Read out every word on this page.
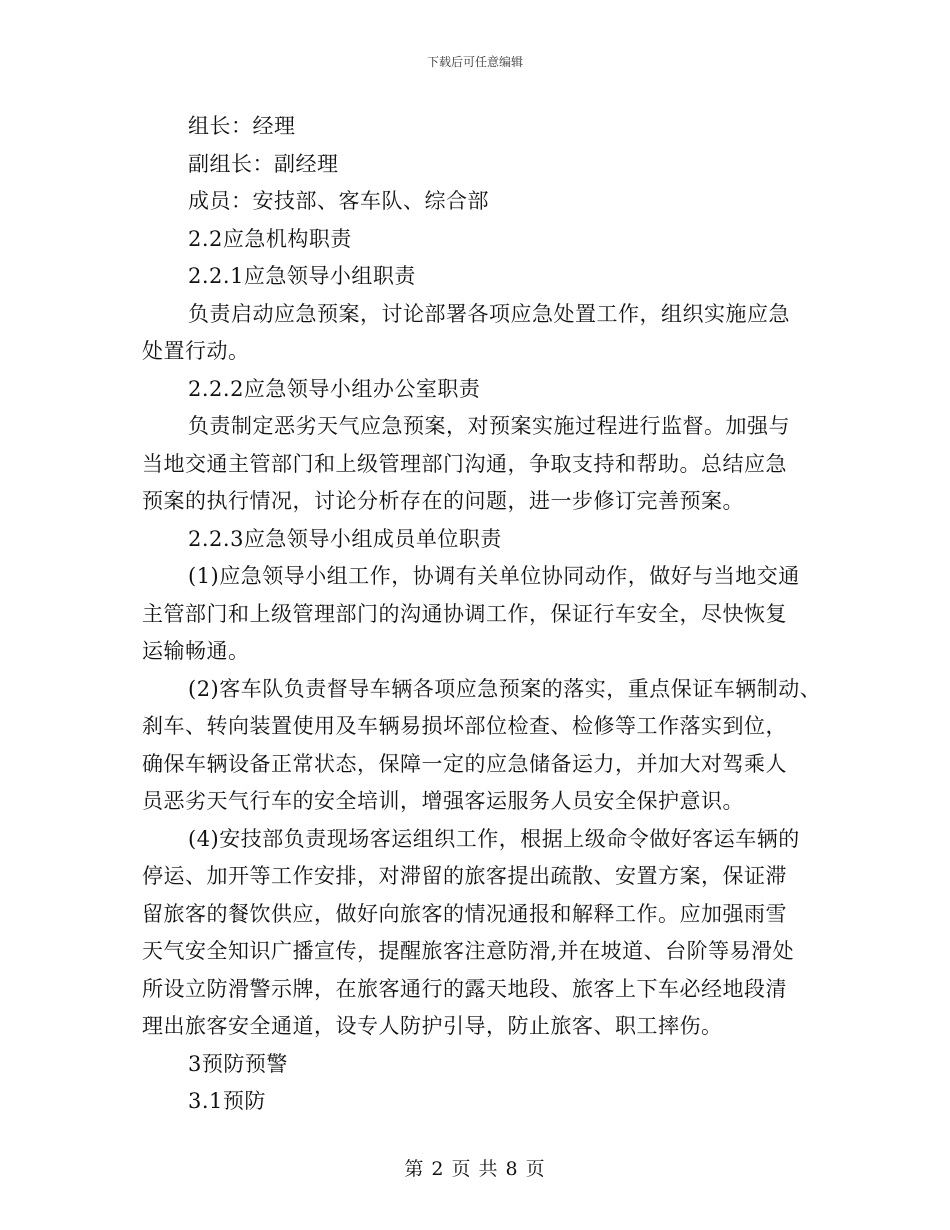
下载后可任意编辑
组长：经理
副组长：副经理
成员：安技部、客车队、综合部
2.2应急机构职责
2.2.1应急领导小组职责
负责启动应急预案，讨论部署各项应急处置工作，组织实施应急
处置行动。
2.2.2应急领导小组办公室职责
负责制定恶劣天气应急预案，对预案实施过程进行监督。加强与
当地交通主管部门和上级管理部门沟通，争取支持和帮助。总结应急
预案的执行情况，讨论分析存在的问题，进一步修订完善预案。
2.2.3应急领导小组成员单位职责
(1)应急领导小组工作，协调有关单位协同动作，做好与当地交通
主管部门和上级管理部门的沟通协调工作，保证行车安全，尽快恢复
运输畅通。
(2)客车队负责督导车辆各项应急预案的落实，重点保证车辆制动、
刹车、转向装置使用及车辆易损坏部位检查、检修等工作落实到位，
确保车辆设备正常状态，保障一定的应急储备运力，并加大对驾乘人
员恶劣天气行车的安全培训，增强客运服务人员安全保护意识。
(4)安技部负责现场客运组织工作，根据上级命令做好客运车辆的
停运、加开等工作安排，对滞留的旅客提出疏散、安置方案，保证滞
留旅客的餐饮供应，做好向旅客的情况通报和解释工作。应加强雨雪
天气安全知识广播宣传，提醒旅客注意防滑,并在坡道、台阶等易滑处
所设立防滑警示牌，在旅客通行的露天地段、旅客上下车必经地段清
理出旅客安全通道，设专人防护引导，防止旅客、职工摔伤。
3预防预警
3.1预防
第 2 页 共 8 页
